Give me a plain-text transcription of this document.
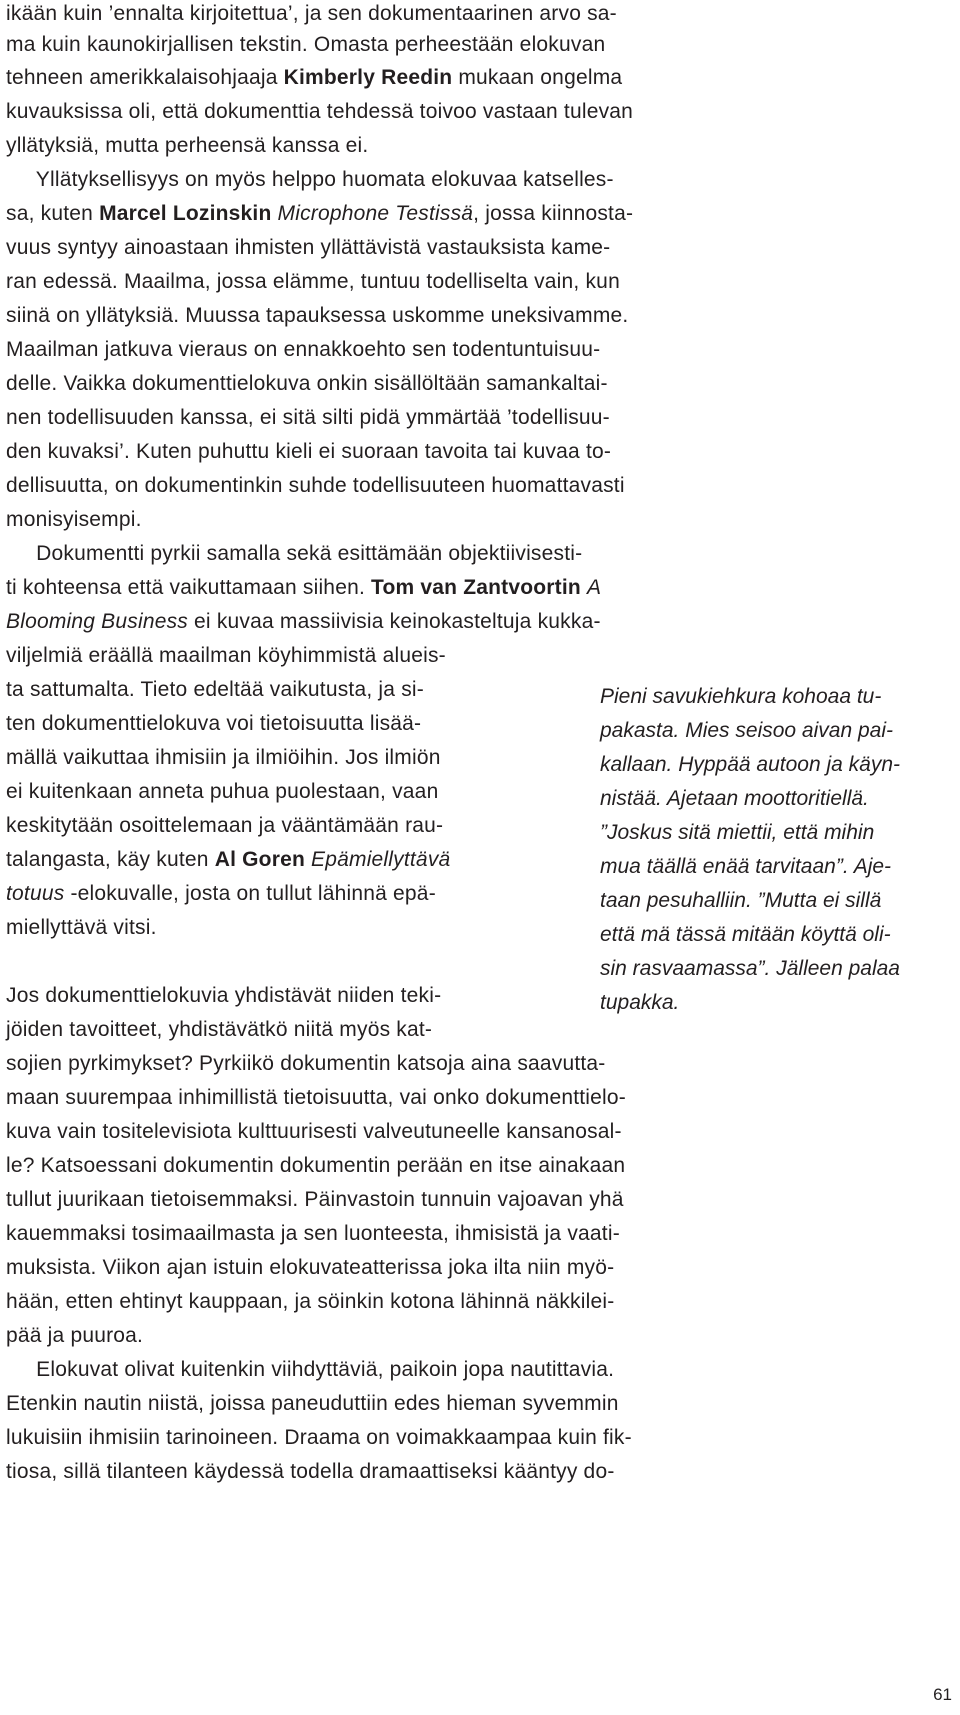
ikään kuin ’ennalta kirjoitettua’, ja sen dokumentaarinen arvo sa-
ma kuin kaunokirjallisen tekstin. Omasta perheestään elokuvan
tehneen amerikkalaisohjaaja Kimberly Reedin mukaan ongelma
kuvauksissa oli, että dokumenttia tehdessä toivoo vastaan tulevan
yllätyksiä, mutta perheensä kanssa ei.
Yllätyksellisyys on myös helppo huomata elokuvaa katselles-
sa, kuten Marcel Lozinskin Microphone Testissä, jossa kiinnosta-
vuus syntyy ainoastaan ihmisten yllättävistä vastauksista kame-
ran edessä. Maailma, jossa elämme, tuntuu todelliselta vain, kun
siinä on yllätyksiä. Muussa tapauksessa uskomme uneksivamme.
Maailman jatkuva vieraus on ennakkoehto sen todentuntuisuu-
delle. Vaikka dokumenttielokuva onkin sisällöltään samankaltai-
nen todellisuuden kanssa, ei sitä silti pidä ymmärtää ’todellisuu-
den kuvaksi’. Kuten puhuttu kieli ei suoraan tavoita tai kuvaa to-
dellisuutta, on dokumentinkin suhde todellisuuteen huomattavasti
monisyisempi.
Dokumentti pyrkii samalla sekä esittämään objektiivisesti-
ti kohteensa että vaikuttamaan siihen. Tom van Zantvoortin A
Blooming Business ei kuvaa massiivisia keinokasteltuja kukka-
viljelmiä eräällä maailman köyhimmistä alueis-
ta sattumalta. Tieto edeltää vaikutusta, ja si-
ten dokumenttielokuva voi tietoisuutta lisää-
mällä vaikuttaa ihmisiin ja ilmiöihin. Jos ilmiön
ei kuitenkaan anneta puhua puolestaan, vaan
keskitytään osoittelemaan ja vääntämään rau-
talangasta, käy kuten Al Goren Epämiellyttävä
totuus -elokuvalle, josta on tullut lähinnä epä-
miellyttävä vitsi.
Jos dokumenttielokuvia yhdistävät niiden teki-
jöiden tavoitteet, yhdistävätkö niitä myös kat-
sojien pyrkimykset? Pyrkiikö dokumentin katsoja aina saavutta-
maan suurempaa inhimillistä tietoisuutta, vai onko dokumenttielo-
kuva vain tositelevisiota kulttuurisesti valveutuneelle kansanosal-
le? Katsoessani dokumentin dokumentin perään en itse ainakaan
tullut juurikaan tietoisemmaksi. Päinvastoin tunnuin vajoavan yhä
kauemmaksi tosimaailmasta ja sen luonteesta, ihmisistä ja vaati-
muksista. Viikon ajan istuin elokuvateatterissa joka ilta niin myö-
hään, etten ehtinyt kauppaan, ja söinkin kotona lähinnä näkkilei-
pää ja puuroa.
Elokuvat olivat kuitenkin viihdyttäviä, paikoin jopa nautittavia.
Etenkin nautin niistä, joissa paneuduttiin edes hieman syvemmin
lukuisiin ihmisiin tarinoineen. Draama on voimakkaampaa kuin fik-
tiosa, sillä tilanteen käydessä todella dramaattiseksi kääntyy do-
Pieni savukiehkura kohoaa tu-
pakasta. Mies seisoo aivan pai-
kallaan. Hyppää autoon ja käyn-
nistää. Ajetaan moottoritiellä.
”Joskus sitä miettii, että mihin
mua täällä enää tarvitaan”. Aje-
taan pesuhalliin. ”Mutta ei sillä
että mä tässä mitään köyttä oli-
sin rasvaamassa”. Jälleen palaa
tupakka.
61
